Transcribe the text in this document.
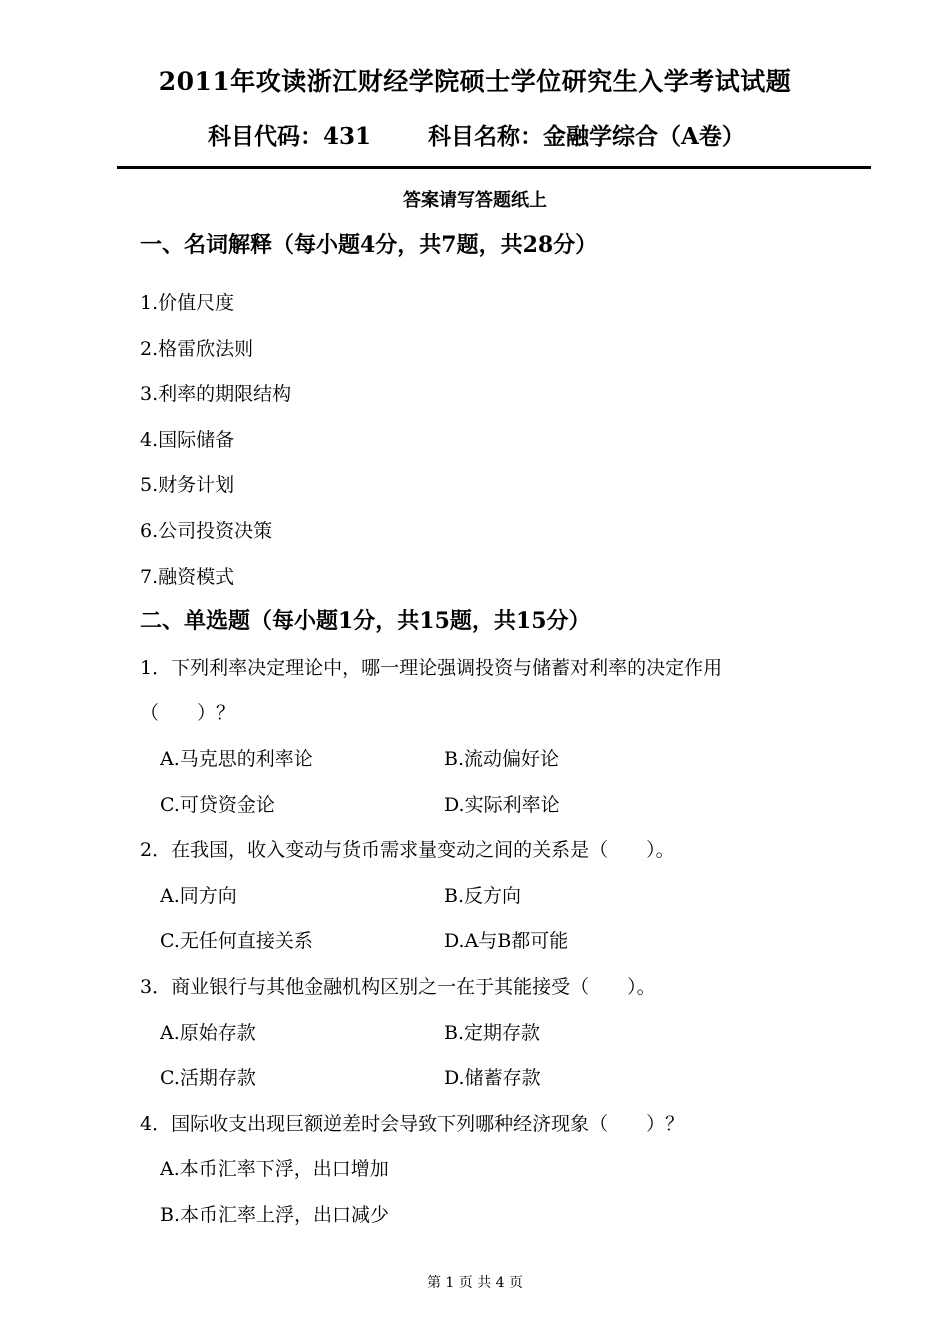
2011年攻读浙江财经学院硕士学位研究生入学考试试题
科目代码：431 科目名称：金融学综合（A卷）
答案请写答题纸上
一、名词解释（每小题4分，共7题，共28分）
1.价值尺度
2.格雷欣法则
3.利率的期限结构
4.国际储备
5.财务计划
6.公司投资决策
7.融资模式
二、单选题（每小题1分，共15题，共15分）
1．下列利率决定理论中，哪一理论强调投资与储蓄对利率的决定作用
（　　）？
A.马克思的利率论	B.流动偏好论
C.可贷资金论	D.实际利率论
2．在我国，收入变动与货币需求量变动之间的关系是（　　）。
A.同方向	B.反方向
C.无任何直接关系	D.A与B都可能
3．商业银行与其他金融机构区别之一在于其能接受（　　）。
A.原始存款	B.定期存款
C.活期存款	D.储蓄存款
4．国际收支出现巨额逆差时会导致下列哪种经济现象（　　）？
A.本币汇率下浮，出口增加
B.本币汇率上浮，出口减少
第 1 页 共 4 页
